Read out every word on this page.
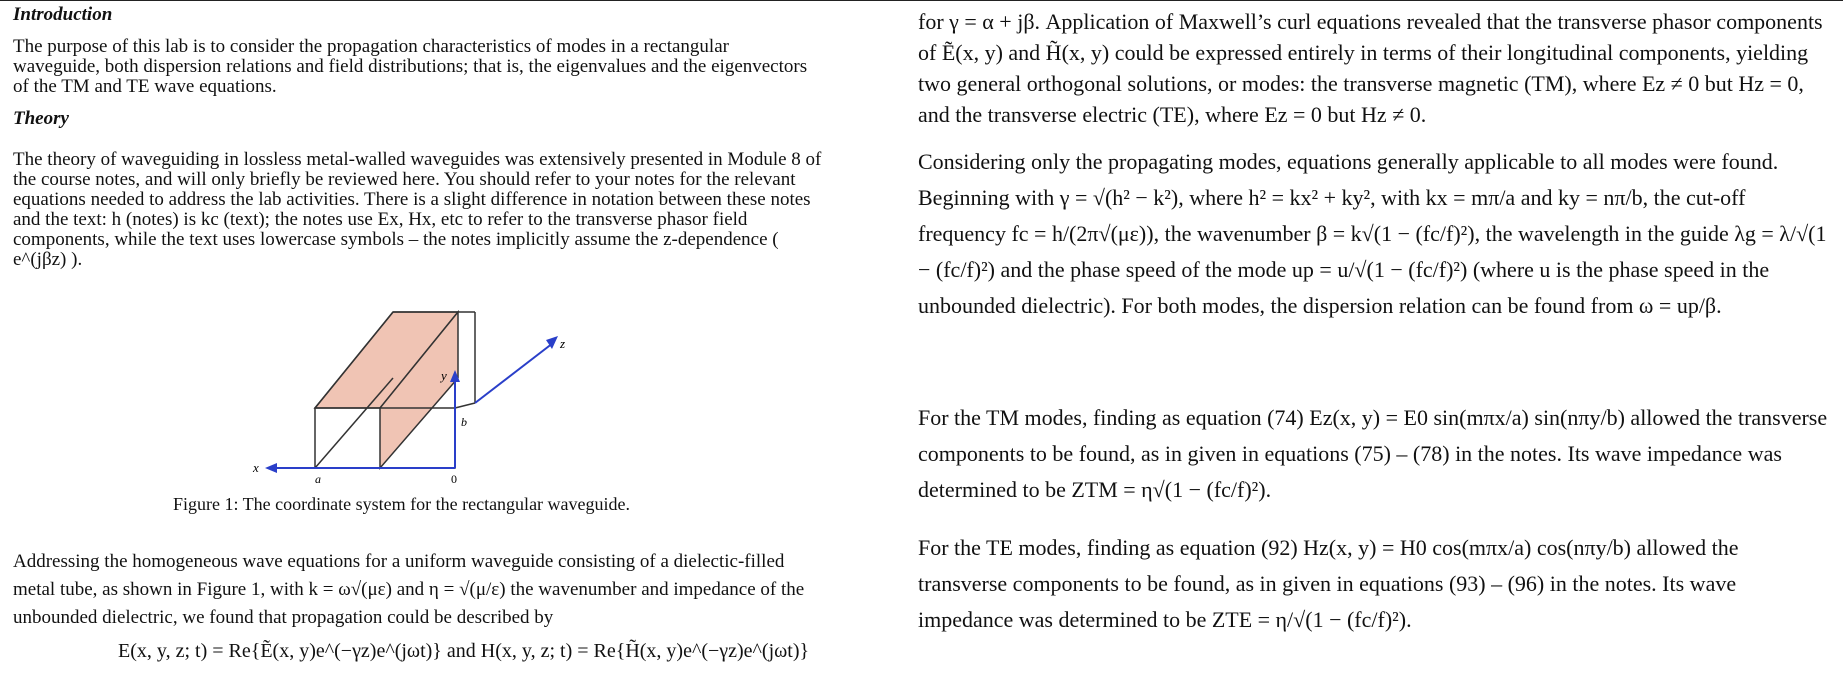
Introduction

The purpose of this lab is to consider the propagation characteristics of modes in a rectangular waveguide, both dispersion relations and field distributions; that is, the eigenvalues and the eigenvectors of the TM and TE wave equations.

Theory

The theory of waveguiding in lossless metal-walled waveguides was extensively presented in Module 8 of the course notes, and will only briefly be reviewed here. You should refer to your notes for the relevant equations needed to address the lab activities. There is a slight difference in notation between these notes and the text: h (notes) is kc (text); the notes use Ex, Hx, etc to refer to the transverse phasor field components, while the text uses lowercase symbols – the notes implicitly assume the z-dependence ( e^(jβz) ).

x
y
z
a
b
0
Figure 1: The coordinate system for the rectangular waveguide.

Addressing the homogeneous wave equations for a uniform waveguide consisting of a dielectic-filled metal tube, as shown in Figure 1, with k = ω√(με) and η = √(μ/ε) the wavenumber and impedance of the unbounded dielectric, we found that propagation could be described by

E(x, y, z; t) = Re{Ẽ(x, y)e^(−γz)e^(jωt)} and H(x, y, z; t) = Re{H̃(x, y)e^(−γz)e^(jωt)}

for γ = α + jβ. Application of Maxwell’s curl equations revealed that the transverse phasor components of Ẽ(x, y) and H̃(x, y) could be expressed entirely in terms of their longitudinal components, yielding two general orthogonal solutions, or modes: the transverse magnetic (TM), where Ez ≠ 0 but Hz = 0, and the transverse electric (TE), where Ez = 0 but Hz ≠ 0.

Considering only the propagating modes, equations generally applicable to all modes were found. Beginning with γ = √(h² − k²), where h² = kx² + ky², with kx = mπ/a and ky = nπ/b, the cut-off frequency fc = h/(2π√(με)), the wavenumber β = k√(1 − (fc/f)²), the wavelength in the guide λg = λ/√(1 − (fc/f)²) and the phase speed of the mode up = u/√(1 − (fc/f)²) (where u is the phase speed in the unbounded dielectric). For both modes, the dispersion relation can be found from ω = up/β.

For the TM modes, finding as equation (74) Ez(x, y) = E0 sin(mπx/a) sin(nπy/b) allowed the transverse components to be found, as in given in equations (75) – (78) in the notes. Its wave impedance was determined to be ZTM = η√(1 − (fc/f)²).

For the TE modes, finding as equation (92) Hz(x, y) = H0 cos(mπx/a) cos(nπy/b) allowed the transverse components to be found, as in given in equations (93) – (96) in the notes. Its wave impedance was determined to be ZTE = η/√(1 − (fc/f)²).
